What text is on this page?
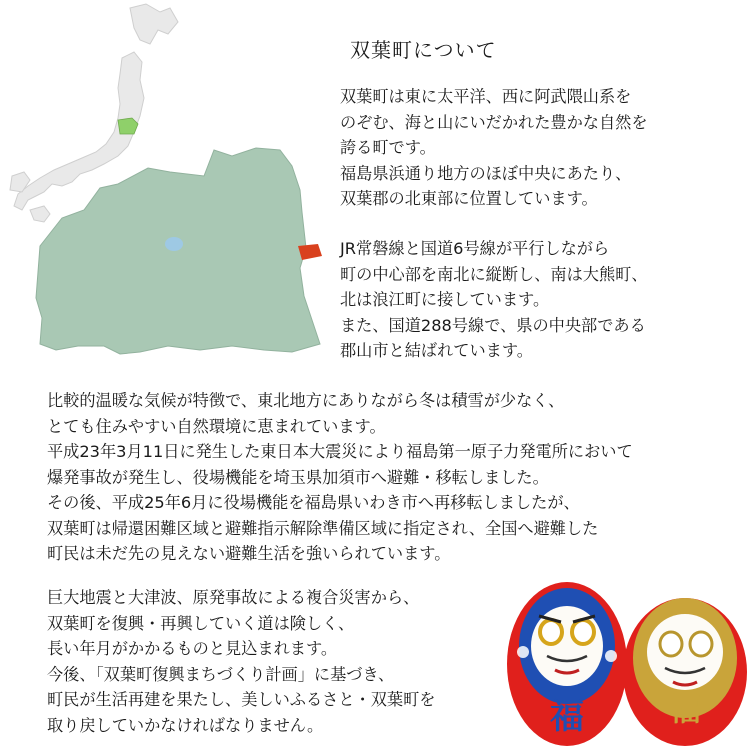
双葉町について
双葉町は東に太平洋、西に阿武隈山系を
のぞむ、海と山にいだかれた豊かな自然を
誇る町です。
福島県浜通り地方のほぼ中央にあたり、
双葉郡の北東部に位置しています。
JR常磐線と国道6号線が平行しながら
町の中心部を南北に縦断し、南は大熊町、
北は浪江町に接しています。
また、国道288号線で、県の中央部である
郡山市と結ばれています。
比較的温暖な気候が特徴で、東北地方にありながら冬は積雪が少なく、
とても住みやすい自然環境に恵まれています。
平成23年3月11日に発生した東日本大震災により福島第一原子力発電所において
爆発事故が発生し、役場機能を埼玉県加須市へ避難・移転しました。
その後、平成25年6月に役場機能を福島県いわき市へ再移転しましたが、
双葉町は帰還困難区域と避難指示解除準備区域に指定され、全国へ避難した
町民は未だ先の見えない避難生活を強いられています。
巨大地震と大津波、原発事故による複合災害から、
双葉町を復興・再興していく道は険しく、
長い年月がかかるものと見込まれます。
今後、「双葉町復興まちづくり計画」に基づき、
町民が生活再建を果たし、美しいふるさと・双葉町を
取り戻していかなければなりません。	福
福
